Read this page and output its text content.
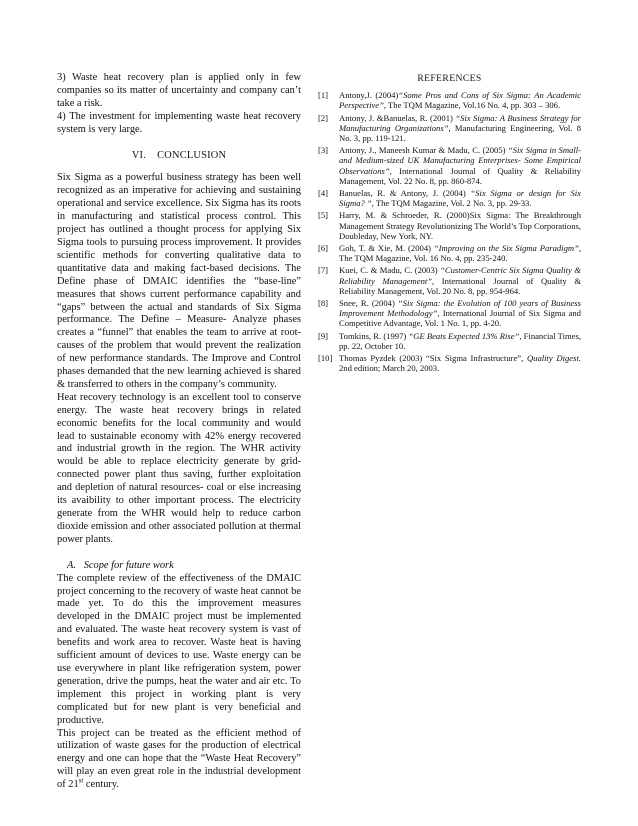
3) Waste heat recovery plan is applied only in few companies so its matter of uncertainty and company can’t take a risk.

4) The investment for implementing waste heat recovery system is very large.

VI.    CONCLUSION

Six Sigma as a powerful business strategy has been well recognized as an imperative for achieving and sustaining operational and service excellence. Six Sigma has its roots in manufacturing and statistical process control. This project has outlined a thought process for applying Six Sigma tools to pursuing process improvement. It provides scientific methods for converting qualitative data to quantitative data and making fact-based decisions. The Define phase of DMAIC identifies the “base-line” measures that shows current performance capability and “gaps” between the actual and standards of Six Sigma performance. The Define – Measure- Analyze phases creates a “funnel” that enables the team to arrive at root-causes of the problem that would prevent the realization of new performance standards. The Improve and Control phases demanded that the new learning achieved is shared & transferred to others in the company’s community.

Heat recovery technology is an excellent tool to conserve energy. The waste heat recovery brings in related economic benefits for the local community and would lead to sustainable economy with 42% energy recovered and industrial growth in the region. The WHR activity would be able to replace electricity generate by grid-connected power plant thus saving, further exploitation and depletion of natural resources- coal or else increasing its avaibility to other important process. The electricity generate from the WHR would help to reduce carbon dioxide emission and other associated pollution at thermal power plants.

A.   Scope for future work

The complete review of the effectiveness of the DMAIC project concerning to the recovery of waste heat cannot be made yet. To do this the improvement measures developed in the DMAIC project must be implemented and evaluated. The waste heat recovery system is vast of benefits and work area to recover. Waste heat is having sufficient amount of devices to use. Waste energy can be use everywhere in plant like refrigeration system, power generation, drive the pumps, heat the water and air etc. To implement this project in working plant is very complicated but for new plant is very beneficial and productive.

This project can be treated as the efficient method of utilization of waste gases for the production of electrical energy and one can hope that the “Waste Heat Recovery” will play an even great role in the industrial development of 21st century.

REFERENCES
[1]	Antony,J. (2004)“Some Pros and Cons of Six Sigma: An Academic Perspective”, The TQM Magazine, Vol.16 No. 4, pp. 303 – 306.
[2]	Antony, J. &Banuelas, R. (2001) “Six Sigma: A Business Strategy for Manufacturing Organizations”, Manufacturing Engineering, Vol. 8 No. 3, pp. 119-121.
[3]	Antony, J., Maneesh Kumar & Madu, C. (2005) “Six Sigma in Small-and Medium-sized UK Manufacturing Enterprises- Some Empirical Observations”, International Journal of Quality & Reliability Management, Vol. 22 No. 8, pp. 860-874.
[4]	Banuelas, R. & Antony, J. (2004) “Six Sigma or design for Six Sigma? ”, The TQM Magazine, Vol. 2 No. 3, pp. 29-33.
[5]	Harry, M. & Schroeder, R. (2000)Six Sigma: The Breakthrough Management Strategy Revolutionizing The World’s Top Corporations, Doubleday, New York, NY.
[6]	Goh, T. & Xie, M. (2004) “Improving on the Six Sigma Paradigm”, The TQM Magazine, Vol. 16 No. 4, pp. 235-240.
[7]	Kuei, C. & Madu, C. (2003) “Customer-Centric Six Sigma Quality & Reliability Management”, International Journal of Quality & Reliability Management, Vol. 20 No. 8, pp. 954-964.
[8]	Snee, R. (2004) “Six Sigma: the Evolution of 100 years of Business Improvement Methodology”, International Journal of Six Sigma and Competitive Advantage, Vol. 1 No. 1, pp. 4-20.
[9]	Tomkins, R. (1997) “GE Beats Expected 13% Rise”, Financial Times, pp. 22, October 10.
[10] Thomas Pyzdek (2003) “Six Sigma Infrastructure”, Quality Digest. 2nd edition; March 20, 2003.
